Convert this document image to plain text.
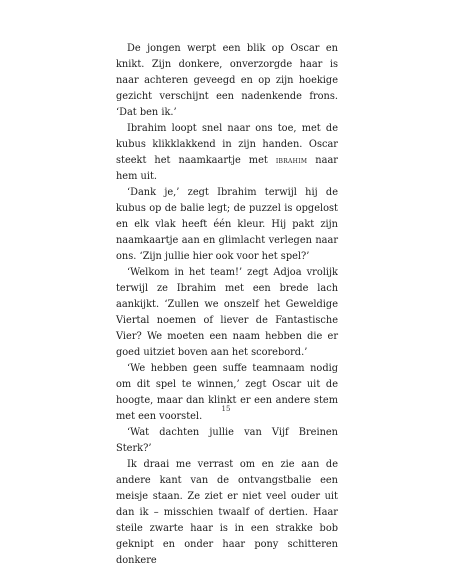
De jongen werpt een blik op Oscar en knikt. Zijn donkere, onverzorgde haar is naar achteren geveegd en op zijn hoekige gezicht verschijnt een nadenkende frons. ‘Dat ben ik.’

Ibrahim loopt snel naar ons toe, met de kubus klikklakkend in zijn handen. Oscar steekt het naamkaartje met ibrahim naar hem uit.

‘Dank je,’ zegt Ibrahim terwijl hij de kubus op de balie legt; de puzzel is opgelost en elk vlak heeft één kleur. Hij pakt zijn naamkaartje aan en glimlacht verlegen naar ons. ‘Zijn jullie hier ook voor het spel?’

‘Welkom in het team!’ zegt Adjoa vrolijk terwijl ze Ibrahim met een brede lach aankijkt. ‘Zullen we onszelf het Geweldige Viertal noemen of liever de Fantastische Vier? We moeten een naam hebben die er goed uitziet boven aan het scorebord.’

‘We hebben geen suffe teamnaam nodig om dit spel te winnen,’ zegt Oscar uit de hoogte, maar dan klinkt er een andere stem met een voorstel.

‘Wat dachten jullie van Vijf Breinen Sterk?’

Ik draai me verrast om en zie aan de andere kant van de ontvangstbalie een meisje staan. Ze ziet er niet veel ouder uit dan ik – misschien twaalf of dertien. Haar steile zwarte haar is in een strakke bob geknipt en onder haar pony schitteren donkere

15
